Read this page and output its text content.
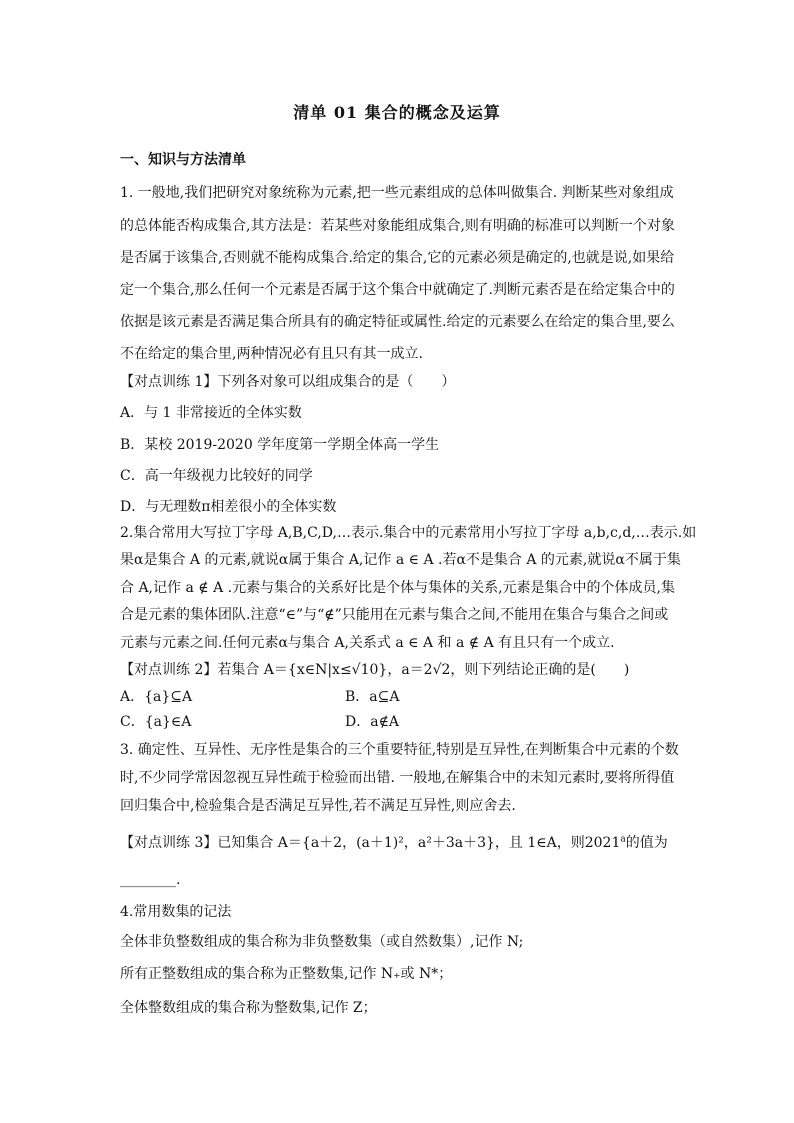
清单 01 集合的概念及运算
一、知识与方法清单
1. 一般地,我们把研究对象统称为元素,把一些元素组成的总体叫做集合. 判断某些对象组成
的总体能否构成集合,其方法是：若某些对象能组成集合,则有明确的标准可以判断一个对象
是否属于该集合,否则就不能构成集合.给定的集合,它的元素必须是确定的,也就是说,如果给
定一个集合,那么任何一个元素是否属于这个集合中就确定了.判断元素否是在给定集合中的
依据是该元素是否满足集合所具有的确定特征或属性.给定的元素要么在给定的集合里,要么
不在给定的集合里,两种情况必有且只有其一成立.
【对点训练 1】下列各对象可以组成集合的是（　　）
A．与 1 非常接近的全体实数
B．某校 2019-2020 学年度第一学期全体高一学生
C．高一年级视力比较好的同学
D．与无理数π相差很小的全体实数
2.集合常用大写拉丁字母 A,B,C,D,…表示.集合中的元素常用小写拉丁字母 a,b,c,d,…表示.如
果α是集合 A 的元素,就说α属于集合 A,记作 a ∈ A .若α不是集合 A 的元素,就说α不属于集
合 A,记作 a ∉ A .元素与集合的关系好比是个体与集体的关系,元素是集合中的个体成员,集
合是元素的集体团队.注意“∈”与“∉”只能用在元素与集合之间,不能用在集合与集合之间或
元素与元素之间.任何元素α与集合 A,关系式 a ∈ A 和 a ∉ A 有且只有一个成立.
【对点训练 2】若集合 A＝{x∈N|x≤√10}，a＝2√2，则下列结论正确的是(　　)
A．{a}⊆A	B．a⊆A
C．{a}∈A	D．a∉A
3. 确定性、互异性、无序性是集合的三个重要特征,特别是互异性,在判断集合中元素的个数
时,不少同学常因忽视互异性疏于检验而出错. 一般地,在解集合中的未知元素时,要将所得值
回归集合中,检验集合是否满足互异性,若不满足互异性,则应舍去.
【对点训练 3】已知集合 A＝{a＋2，(a＋1)²，a²＋3a＋3}，且 1∈A，则2021$^a$的值为
________.
4.常用数集的记法
全体非负整数组成的集合称为非负整数集（或自然数集）,记作 N;
所有正整数组成的集合称为正整数集,记作 N₊或 N*；
全体整数组成的集合称为整数集,记作 Z；
